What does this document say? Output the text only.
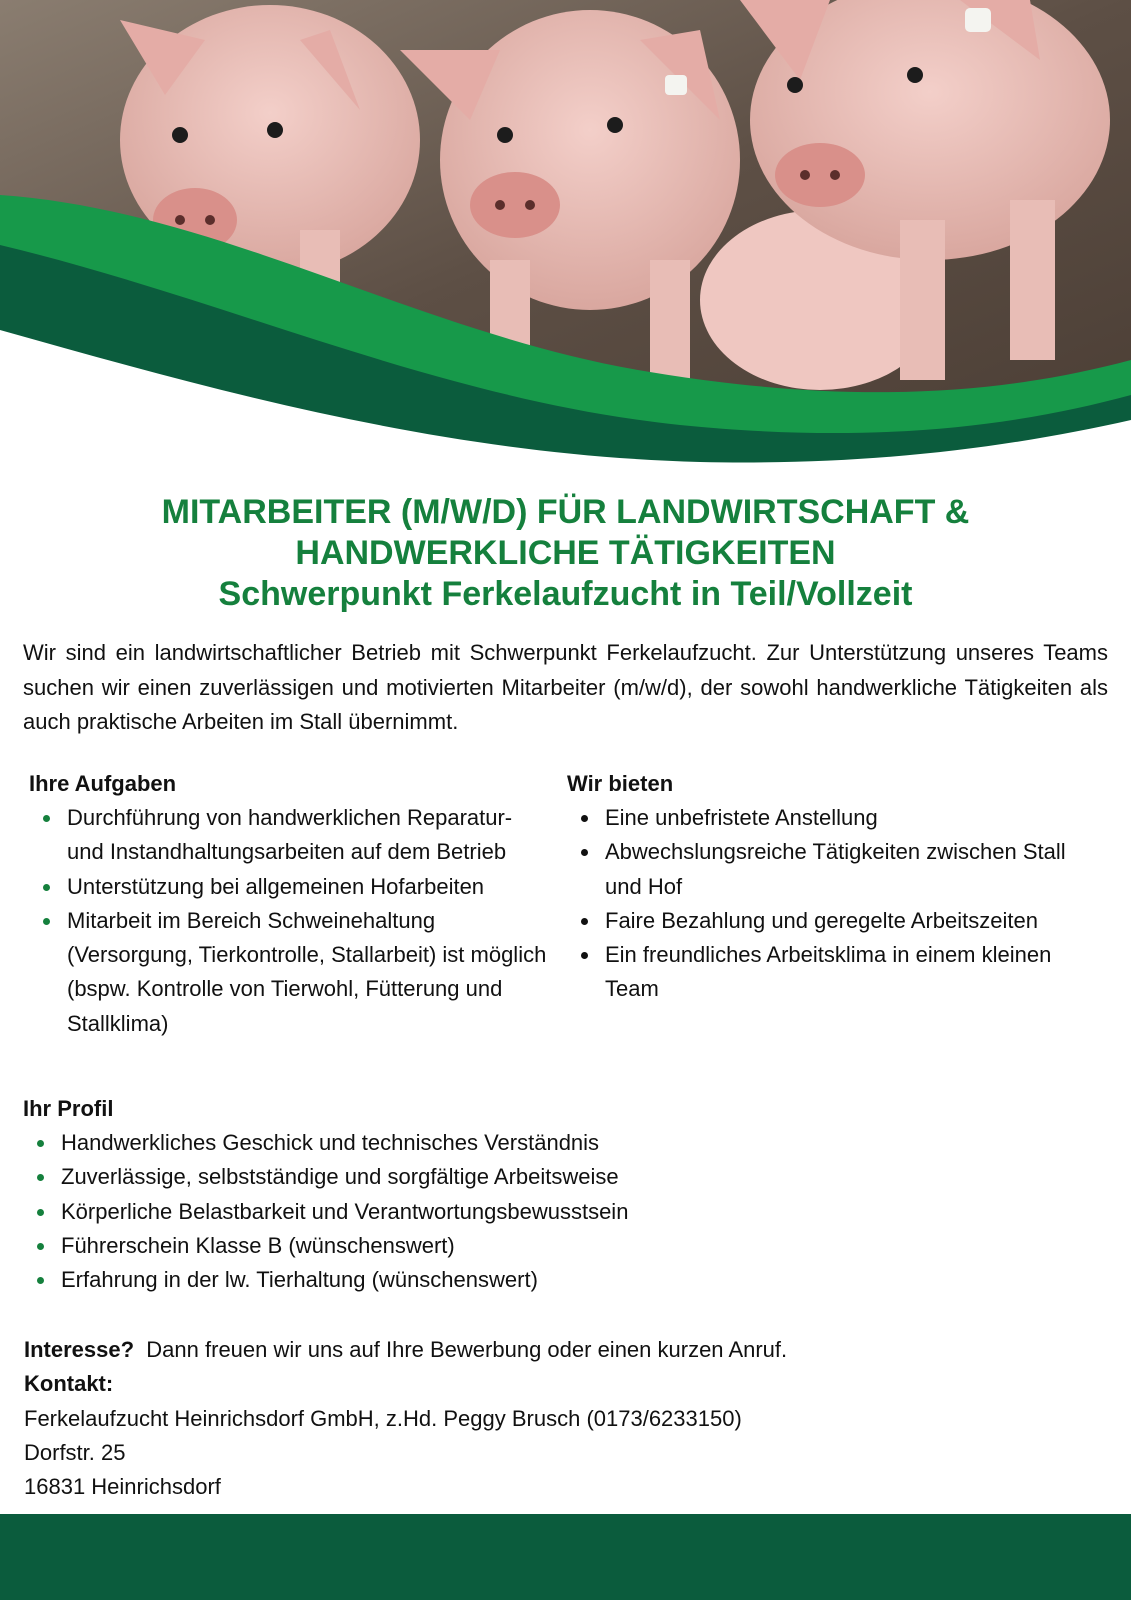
MITARBEITER (M/W/D) FÜR LANDWIRTSCHAFT &
HANDWERKLICHE TÄTIGKEITEN
Schwerpunkt Ferkelaufzucht in Teil/Vollzeit
Wir sind ein landwirtschaftlicher Betrieb mit Schwerpunkt Ferkelaufzucht. Zur Unterstützung unseres Teams suchen wir einen zuverlässigen und motivierten Mitarbeiter (m/w/d), der sowohl handwerkliche Tätigkeiten als auch praktische Arbeiten im Stall übernimmt.
Ihre Aufgaben
Durchführung von handwerklichen Reparatur- und Instandhaltungsarbeiten auf dem Betrieb
Unterstützung bei allgemeinen Hofarbeiten
Mitarbeit im Bereich Schweinehaltung (Versorgung, Tierkontrolle, Stallarbeit) ist möglich (bspw. Kontrolle von Tierwohl, Fütterung und Stallklima)
Wir bieten
Eine unbefristete Anstellung
Abwechslungsreiche Tätigkeiten zwischen Stall und Hof
Faire Bezahlung und geregelte Arbeitszeiten
Ein freundliches Arbeitsklima in einem kleinen Team
Ihr Profil
Handwerkliches Geschick und technisches Verständnis
Zuverlässige, selbstständige und sorgfältige Arbeitsweise
Körperliche Belastbarkeit und Verantwortungsbewusstsein
Führerschein Klasse B (wünschenswert)
Erfahrung in der lw. Tierhaltung (wünschenswert)
Interesse? Dann freuen wir uns auf Ihre Bewerbung oder einen kurzen Anruf.
Kontakt:
Ferkelaufzucht Heinrichsdorf GmbH, z.Hd. Peggy Brusch (0173/6233150)
Dorfstr. 25
16831 Heinrichsdorf
